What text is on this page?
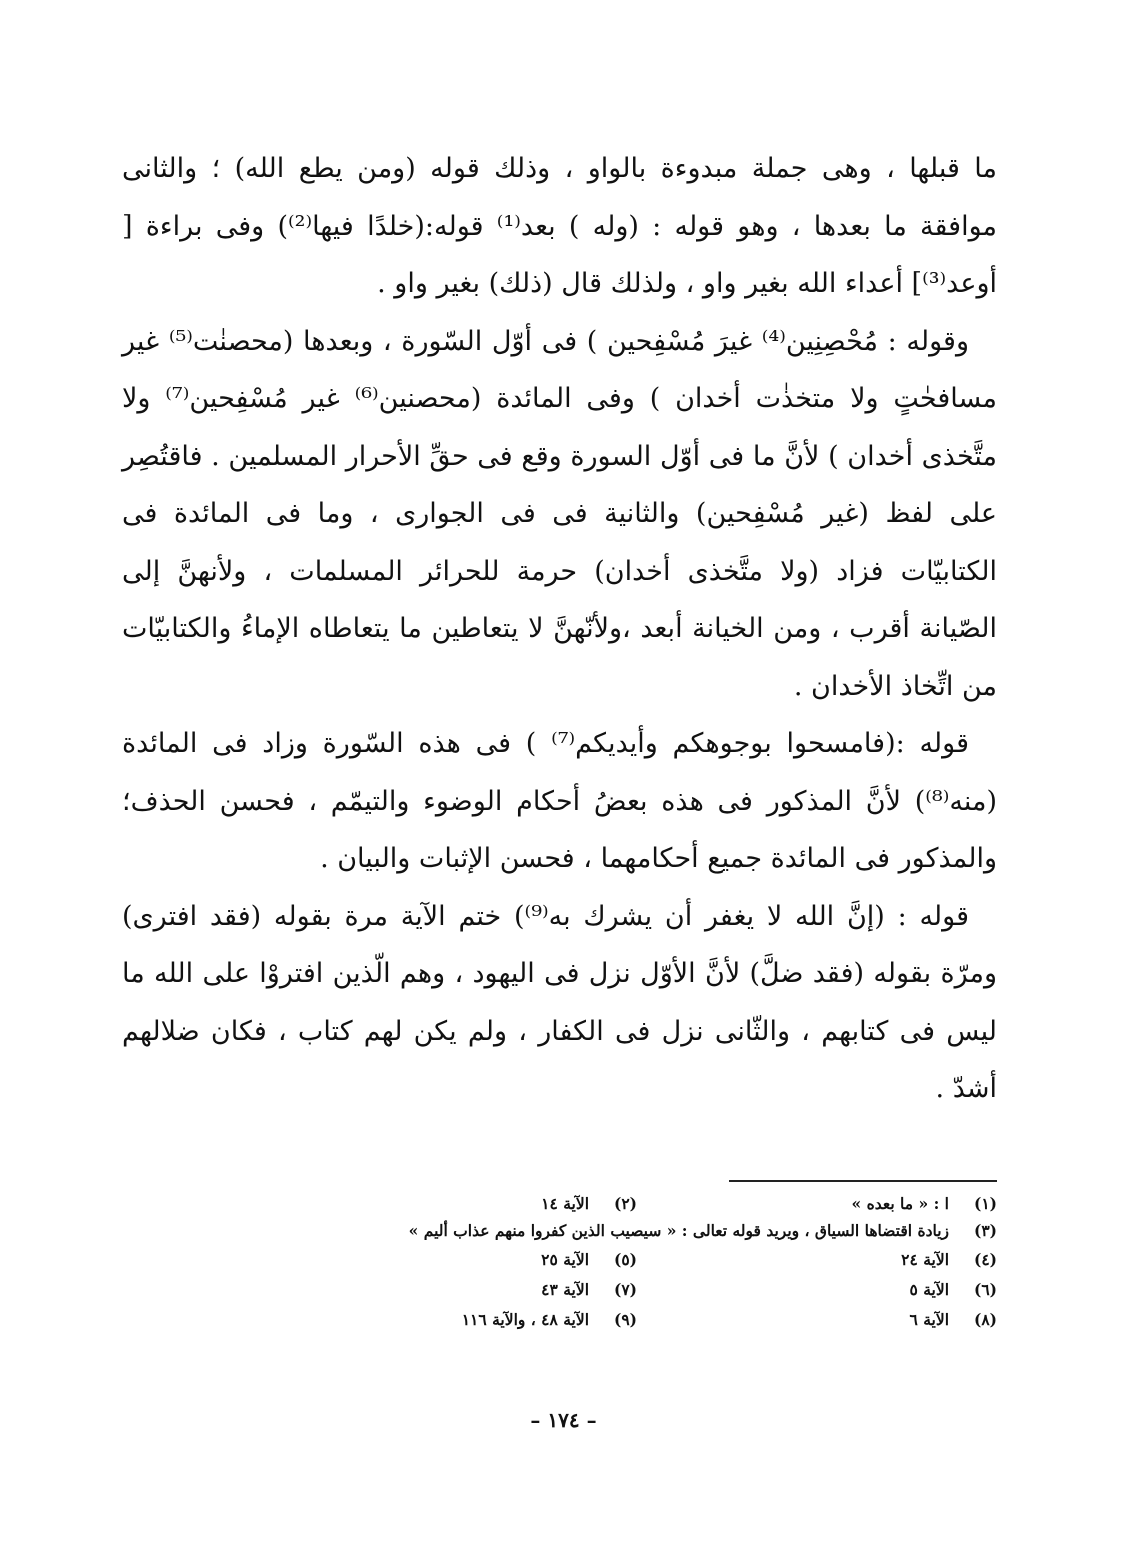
ما قبلها ، وهى جملة مبدوءة بالواو ، وذلك قوله (ومن يطع الله) ؛ والثانى موافقة ما بعدها ، وهو قوله : (وله ) بعد⁽¹⁾ قوله:(خلدًا فيها⁽²⁾) وفى براءة [ أوعد⁽³⁾] أعداء الله بغير واو ، ولذلك قال (ذلك) بغير واو .

وقوله : مُحْصِنِين⁽⁴⁾ غيرَ مُسْفِحين ) فى أوّل السّورة ، وبعدها (محصنٰت⁽⁵⁾ غير مسافحٰتٍ ولا متخذٰت أخدان ) وفى المائدة (محصنين⁽⁶⁾ غير مُسْفِحين⁽⁷⁾ ولا متَّخذى أخدان ) لأنَّ ما فى أوّل السورة وقع فى حقِّ الأحرار المسلمين . فاقتُصِر على لفظ (غير مُسْفِحين) والثانية فى فى الجوارى ، وما فى المائدة فى الكتابيّات فزاد (ولا متَّخذى أخدان) حرمة للحرائر المسلمات ، ولأنهنَّ إلى الصّيانة أقرب ، ومن الخيانة أبعد ،ولأنّهنَّ لا يتعاطين ما يتعاطاه الإماءُ والكتابيّات من اتِّخاذ الأخدان .

قوله :(فامسحوا بوجوهكم وأيديكم⁽⁷⁾ ) فى هذه السّورة وزاد فى المائدة (منه⁽⁸⁾) لأنَّ المذكور فى هذه بعضُ أحكام الوضوء والتيمّم ، فحسن الحذف؛ والمذكور فى المائدة جميع أحكامهما ، فحسن الإثبات والبيان .

قوله : (إنَّ الله لا يغفر أن يشرك به⁽⁹⁾) ختم الآية مرة بقوله (فقد افترى) ومرّة بقوله (فقد ضلَّ) لأنَّ الأوّل نزل فى اليهود ، وهم الّذين افتروْا على الله ما ليس فى كتابهم ، والثّانى نزل فى الكفار ، ولم يكن لهم كتاب ، فكان ضلالهم أشدّ .

(١)
ا : « ما بعده »
(٢)
الآية ١٤
(٣)
زيادة اقتضاها السياق ، ويريد قوله تعالى : « سيصيب الذين كفروا منهم عذاب أليم »
(٤)
الآية ٢٤
(٥)
الآية ٢٥
(٦)
الآية ٥
(٧)
الآية ٤٣
(٨)
الآية ٦
(٩)
الآية ٤٨ ، والآية ١١٦
– ١٧٤ –
